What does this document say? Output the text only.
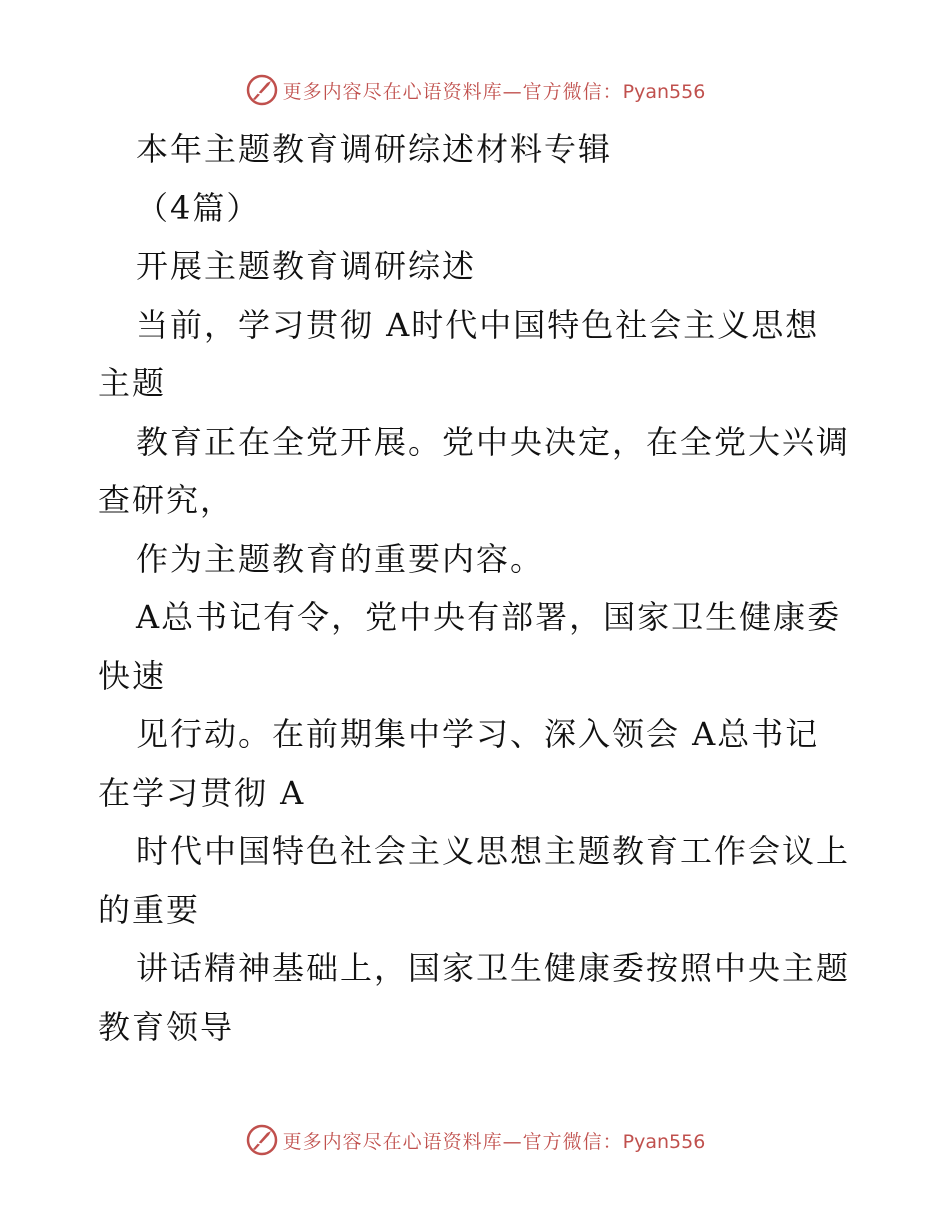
更多内容尽在心语资料库—官方微信：Pyan556
本年主题教育调研综述材料专辑
（4篇）
开展主题教育调研综述
当前，学习贯彻 A时代中国特色社会主义思想
主题
教育正在全党开展。党中央决定，在全党大兴调
查研究，
作为主题教育的重要内容。
A总书记有令，党中央有部署，国家卫生健康委
快速
见行动。在前期集中学习、深入领会 A总书记
在学习贯彻 A
时代中国特色社会主义思想主题教育工作会议上
的重要
讲话精神基础上，国家卫生健康委按照中央主题
教育领导
更多内容尽在心语资料库—官方微信：Pyan556
